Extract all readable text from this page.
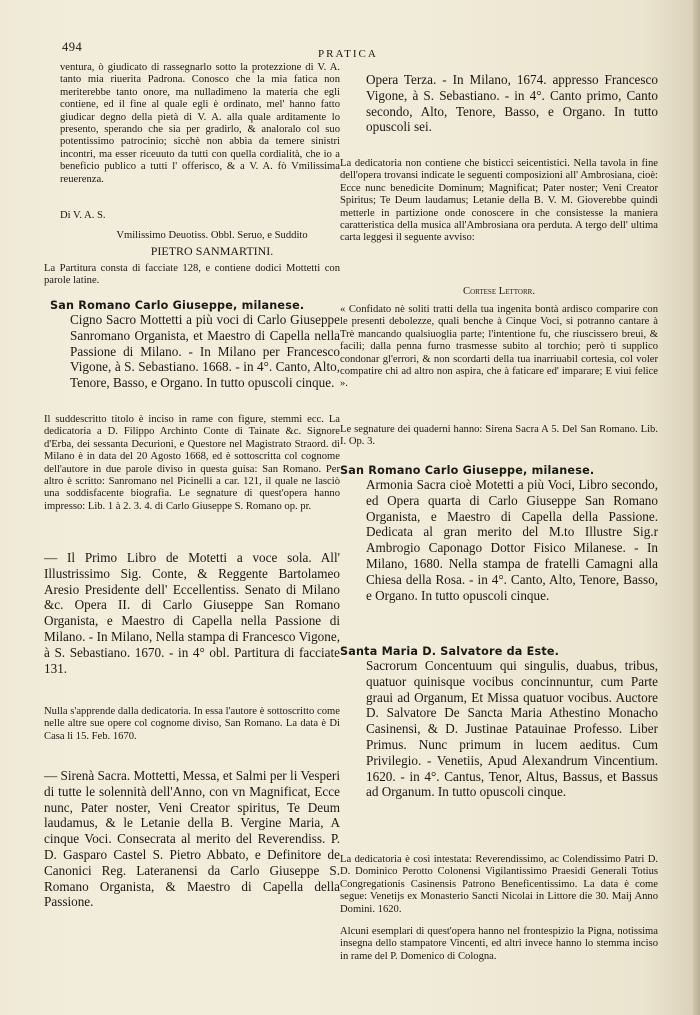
494	PRATICA

ventura, ò giudicato di rassegnarlo sotto la protezzione di V. A. tanto mia riuerita Padrona. Conosco che la mia fatica non meriterebbe tanto onore, ma nulladimeno la materia che egli contiene, ed il fine al quale egli è ordinato, mel' hanno fatto giudicar degno della pietà di V. A. alla quale arditamente lo presento, sperando che sia per gradirlo, & analoralo col suo potentissimo patrocinio; sicchè non abbia da temere sinistri incontri, ma esser riceuuto da tutti con quella cordialità, che io a beneficio publico a tutti l' offerisco, & a V. A. fò Vmilissima reuerenza.

Di V. A. S.

Vmilissimo Deuotiss. Obbl. Seruo, e Suddito

PIETRO SANMARTINI.

La Partitura consta di facciate 128, e contiene dodici Mottetti con parole latine.

San Romano Carlo Giuseppe, milanese.

Cigno Sacro Mottetti a più voci di Carlo Giuseppe Sanromano Organista, et Maestro di Capella nella Passione di Milano. - In Milano per Francesco Vigone, à S. Sebastiano. 1668. - in 4°. Canto, Alto, Tenore, Basso, e Organo. In tutto opuscoli cinque.

Il suddescritto titolo è inciso in rame con figure, stemmi ecc. La dedicatoria a D. Filippo Archinto Conte di Tainate &c. Signore d'Erba, dei sessanta Decurioni, e Questore nel Magistrato Straord. di Milano è in data del 20 Agosto 1668, ed è sottoscritta col cognome dell'autore in due parole diviso in questa guisa: San Romano. Per altro è scritto: Sanromano nel Picinelli a car. 121, il quale ne lasciò una soddisfacente biografia. Le segnature di quest'opera hanno impresso: Lib. 1 à 2. 3. 4. di Carlo Giuseppe S. Romano op. pr.

— Il Primo Libro de Motetti a voce sola. All' Illustrissimo Sig. Conte, & Reggente Bartolameo Aresio Presidente dell' Eccellentiss. Senato di Milano &c. Opera II. di Carlo Giuseppe San Romano Organista, e Maestro di Capella nella Passione di Milano. - In Milano, Nella stampa di Francesco Vigone, à S. Sebastiano. 1670. - in 4° obl. Partitura di facciate 131.

Nulla s'apprende dalla dedicatoria. In essa l'autore è sottoscritto come nelle altre sue opere col cognome diviso, San Romano. La data è Di Casa li 15. Feb. 1670.

— Sirenà Sacra. Mottetti, Messa, et Salmi per li Vesperi di tutte le solennità dell'Anno, con vn Magnificat, Ecce nunc, Pater noster, Veni Creator spiritus, Te Deum laudamus, & le Letanie della B. Vergine Maria, A cinque Voci. Consecrata al merito del Reverendiss. P. D. Gasparo Castel S. Pietro Abbato, e Definitore de Canonici Reg. Lateranensi da Carlo Giuseppe S. Romano Organista, & Maestro di Capella della Passione.

Opera Terza. - In Milano, 1674. appresso Francesco Vigone, à S. Sebastiano. - in 4°. Canto primo, Canto secondo, Alto, Tenore, Basso, e Organo. In tutto opuscoli sei.

La dedicatoria non contiene che bisticci seicentistici. Nella tavola in fine dell'opera trovansi indicate le seguenti composizioni all' Ambrosiana, cioè: Ecce nunc benedicite Dominum; Magnificat; Pater noster; Veni Creator Spiritus; Te Deum laudamus; Letanie della B. V. M. Gioverebbe quindi metterle in partizione onde conoscere in che consistesse la maniera caratteristica della musica all'Ambrosiana ora perduta. A tergo dell' ultima carta leggesi il seguente avviso:

Cortese Lettorr.

« Confidato nè soliti tratti della tua ingenita bontà ardisco comparire con le presenti debolezze, quali benche à Cinque Voci, si potranno cantare à Trè mancando qualsiuoglia parte; l'intentione fu, che riuscissero breui, & facili; dalla penna furno trasmesse subito al torchio; però ti supplico condonar gl'errori, & non scordarti della tua inarriuabil cortesia, col voler compatire chi ad altro non aspira, che à faticare ed' imparare; E viui felice ».

Le segnature dei quaderni hanno: Sirena Sacra A 5. Del San Romano. Lib. I. Op. 3.

San Romano Carlo Giuseppe, milanese.

Armonia Sacra cioè Motetti a più Voci, Libro secondo, ed Opera quarta di Carlo Giuseppe San Romano Organista, e Maestro di Capella della Passione. Dedicata al gran merito del M.to Illustre Sig.r Ambrogio Caponago Dottor Fisico Milanese. - In Milano, 1680. Nella stampa de fratelli Camagni alla Chiesa della Rosa. - in 4°. Canto, Alto, Tenore, Basso, e Organo. In tutto opuscoli cinque.

Santa Maria D. Salvatore da Este.

Sacrorum Concentuum qui singulis, duabus, tribus, quatuor quinisque vocibus concinnuntur, cum Parte graui ad Organum, Et Missa quatuor vocibus. Auctore D. Salvatore De Sancta Maria Athestino Monacho Casinensi, & D. Justinae Patauinae Professo. Liber Primus. Nunc primum in lucem aeditus. Cum Privilegio. - Venetiis, Apud Alexandrum Vincentium. 1620. - in 4°. Cantus, Tenor, Altus, Bassus, et Bassus ad Organum. In tutto opuscoli cinque.

La dedicatoria è così intestata: Reverendissimo, ac Colendissimo Patri D. D. Dominico Perotto Colonensi Vigilantissimo Praesidi Generali Totius Congregationis Casinensis Patrono Beneficentissimo. La data è come segue: Venetijs ex Monasterio Sancti Nicolai in Littore die 30. Maij Anno Domini. 1620.

Alcuni esemplari di quest'opera hanno nel frontespizio la Pigna, notissima insegna dello stampatore Vincenti, ed altri invece hanno lo stemma inciso in rame del P. Domenico di Cologna.
